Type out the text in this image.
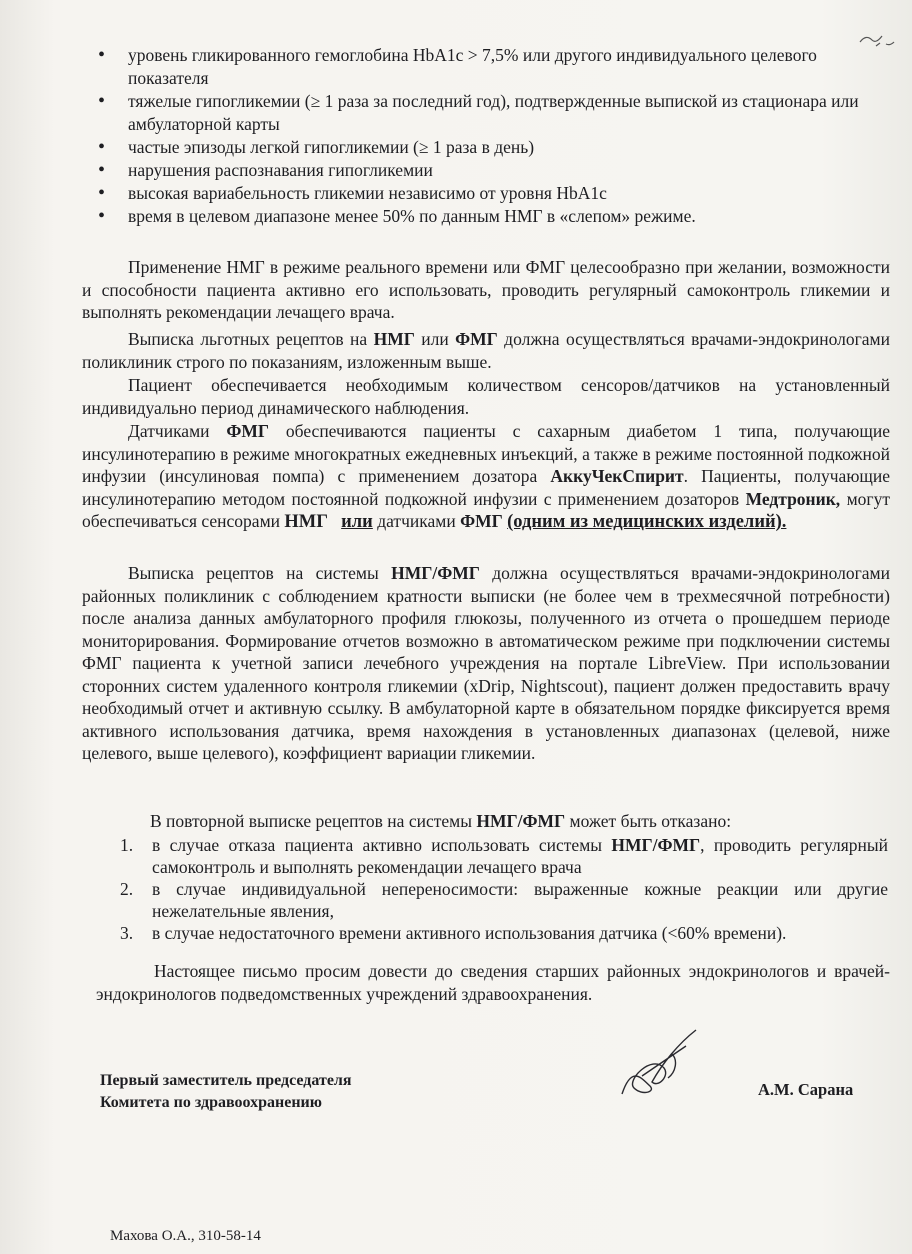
• уровень гликированного гемоглобина HbA1c > 7,5% или другого индивидуального целевого показателя
• тяжелые гипогликемии (≥ 1 раза за последний год), подтвержденные выпиской из стационара или амбулаторной карты
• частые эпизоды легкой гипогликемии (≥ 1 раза в день)
• нарушения распознавания гипогликемии
• высокая вариабельность гликемии независимо от уровня HbA1c
• время в целевом диапазоне менее 50% по данным НМГ в «слепом» режиме.

Применение НМГ в режиме реального времени или ФМГ целесообразно при желании, возможности и способности пациента активно его использовать, проводить регулярный самоконтроль гликемии и выполнять рекомендации лечащего врача.

Выписка льготных рецептов на НМГ или ФМГ должна осуществляться врачами-эндокринологами поликлиник строго по показаниям, изложенным выше.

Пациент обеспечивается необходимым количеством сенсоров/датчиков на установленный индивидуально период динамического наблюдения.

Датчиками ФМГ обеспечиваются пациенты с сахарным диабетом 1 типа, получающие инсулинотерапию в режиме многократных ежедневных инъекций, а также в режиме постоянной подкожной инфузии (инсулиновая помпа) с применением дозатора АккуЧекСпирит. Пациенты, получающие инсулинотерапию методом постоянной подкожной инфузии с применением дозаторов Медтроник, могут обеспечиваться сенсорами НМГ или датчиками ФМГ (одним из медицинских изделий).

Выписка рецептов на системы НМГ/ФМГ должна осуществляться врачами-эндокринологами районных поликлиник с соблюдением кратности выписки (не более чем в трехмесячной потребности) после анализа данных амбулаторного профиля глюкозы, полученного из отчета о прошедшем периоде мониторирования. Формирование отчетов возможно в автоматическом режиме при подключении системы ФМГ пациента к учетной записи лечебного учреждения на портале LibreView. При использовании сторонних систем удаленного контроля гликемии (xDrip, Nightscout), пациент должен предоставить врачу необходимый отчет и активную ссылку. В амбулаторной карте в обязательном порядке фиксируется время активного использования датчика, время нахождения в установленных диапазонах (целевой, ниже целевого, выше целевого), коэффициент вариации гликемии.

В повторной выписке рецептов на системы НМГ/ФМГ может быть отказано:

1. в случае отказа пациента активно использовать системы НМГ/ФМГ, проводить регулярный самоконтроль и выполнять рекомендации лечащего врача
2. в случае индивидуальной непереносимости: выраженные кожные реакции или другие нежелательные явления,
3. в случае недостаточного времени активного использования датчика (<60% времени).

Настоящее письмо просим довести до сведения старших районных эндокринологов и врачей-эндокринологов подведомственных учреждений здравоохранения.

Первый заместитель председателя
Комитета по здравоохранению
А.М. Сарана
Махова О.А., 310-58-14
